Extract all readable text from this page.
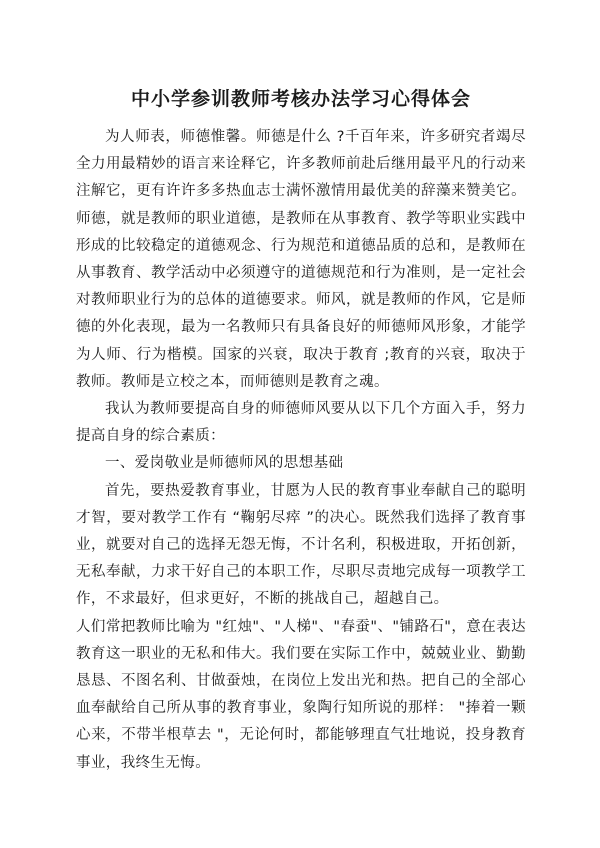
中小学参训教师考核办法学习心得体会

为人师表，师德惟馨。师德是什么 ?千百年来，许多研究者竭尽全力用最精妙的语言来诠释它，许多教师前赴后继用最平凡的行动来注解它，更有许许多多热血志士满怀激情用最优美的辞藻来赞美它。师德，就是教师的职业道德，是教师在从事教育、教学等职业实践中形成的比较稳定的道德观念、行为规范和道德品质的总和，是教师在从事教育、教学活动中必须遵守的道德规范和行为准则，是一定社会对教师职业行为的总体的道德要求。师风，就是教师的作风，它是师德的外化表现，最为一名教师只有具备良好的师德师风形象，才能学为人师、行为楷模。国家的兴衰，取决于教育 ;教育的兴衰，取决于教师。教师是立校之本，而师德则是教育之魂。

我认为教师要提高自身的师德师风要从以下几个方面入手，努力提高自身的综合素质：

一、爱岗敬业是师德师风的思想基础

首先，要热爱教育事业，甘愿为人民的教育事业奉献自己的聪明才智，要对教学工作有 “鞠躬尽瘁 ”的决心。既然我们选择了教育事业，就要对自己的选择无怨无悔，不计名利，积极进取，开拓创新，无私奉献，力求干好自己的本职工作，尽职尽责地完成每一项教学工作，不求最好，但求更好，不断的挑战自己，超越自己。

人们常把教师比喻为 "红烛"、"人梯"、"春蚕"、"铺路石"，意在表达教育这一职业的无私和伟大。我们要在实际工作中，兢兢业业、勤勤恳恳、不图名利、甘做蚕烛，在岗位上发出光和热。把自己的全部心血奉献给自己所从事的教育事业，象陶行知所说的那样： "捧着一颗心来，不带半根草去 "，无论何时，都能够理直气壮地说，投身教育事业，我终生无悔。
